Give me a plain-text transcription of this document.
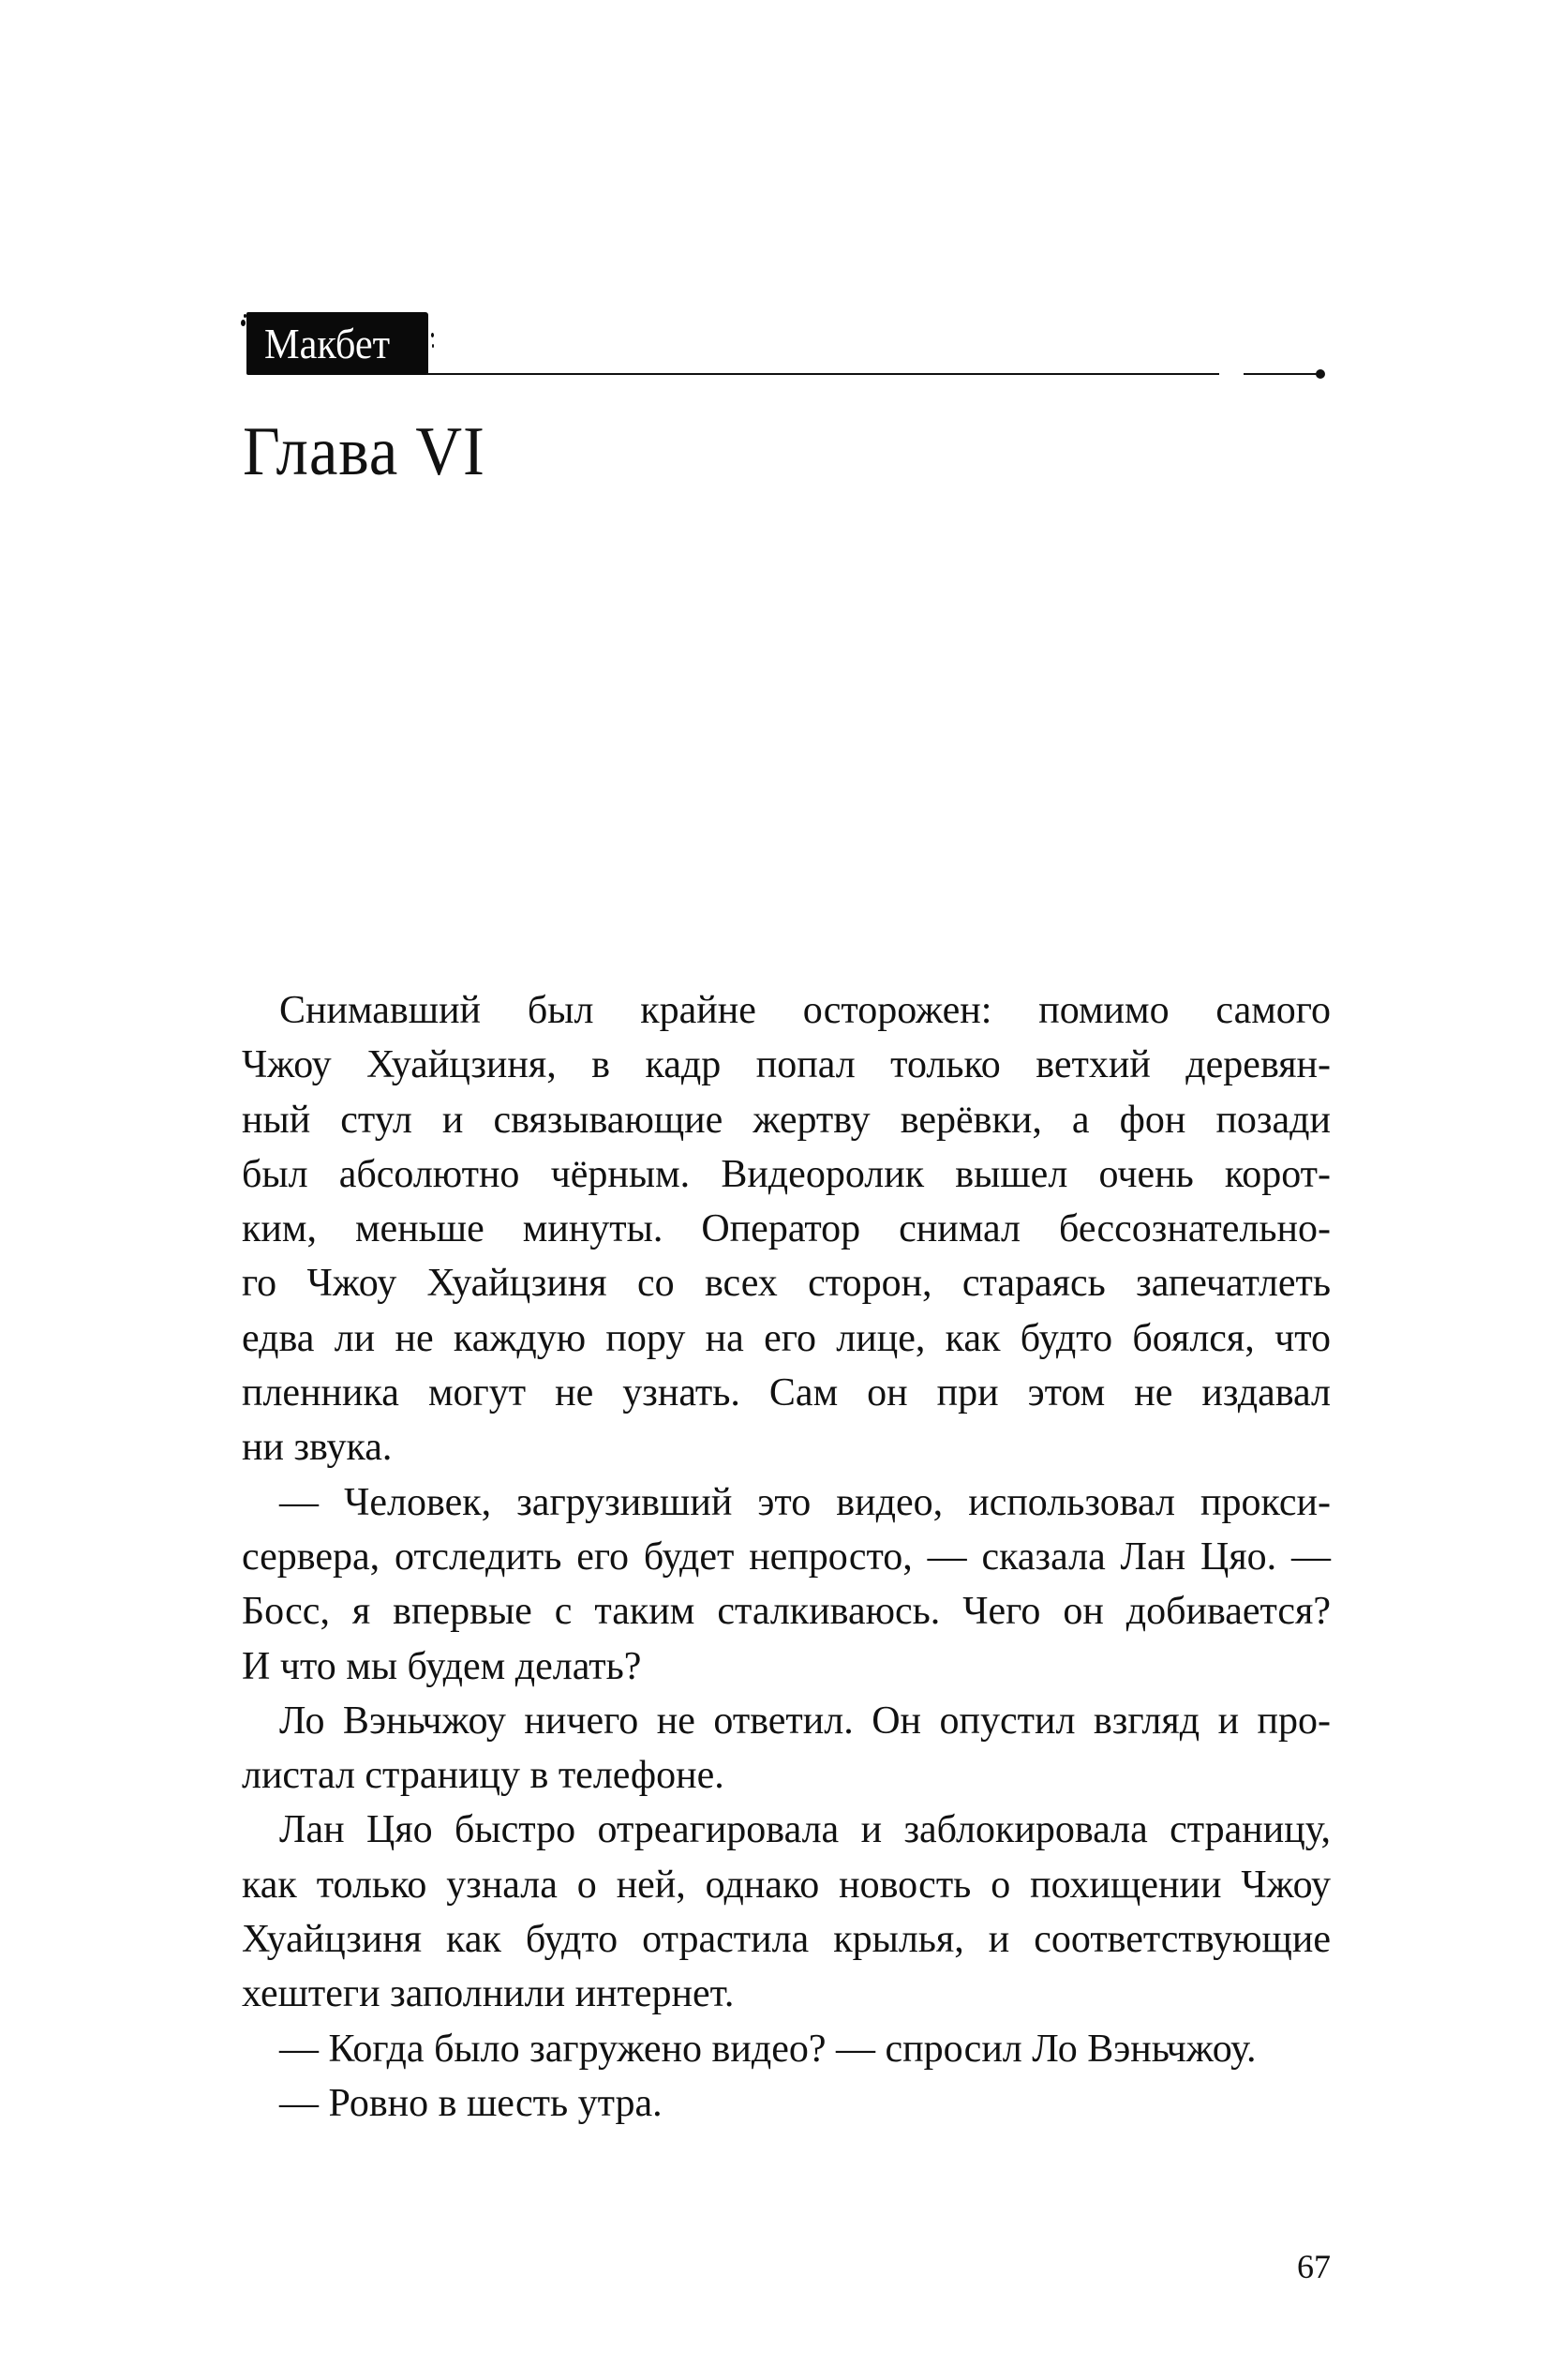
Макбет
Глава VI
Снимавший был крайне осторожен: помимо самого
Чжоу Хуайцзиня, в кадр попал только ветхий деревян-
ный стул и связывающие жертву верёвки, а фон позади
был абсолютно чёрным. Видеоролик вышел очень корот-
ким, меньше минуты. Оператор снимал бессознательно-
го Чжоу Хуайцзиня со всех сторон, стараясь запечатлеть
едва ли не каждую пору на его лице, как будто боялся, что
пленника могут не узнать. Сам он при этом не издавал
ни звука.
— Человек, загрузивший это видео, использовал прокси-
сервера, отследить его будет непросто, — сказала Лан Цяо. —
Босс, я впервые с таким сталкиваюсь. Чего он добивается?
И что мы будем делать?
Ло Вэньчжоу ничего не ответил. Он опустил взгляд и про-
листал страницу в телефоне.
Лан Цяо быстро отреагировала и заблокировала страницу,
как только узнала о ней, однако новость о похищении Чжоу
Хуайцзиня как будто отрастила крылья, и соответствующие
хештеги заполнили интернет.
— Когда было загружено видео? — спросил Ло Вэньчжоу.
— Ровно в шесть утра.
67
